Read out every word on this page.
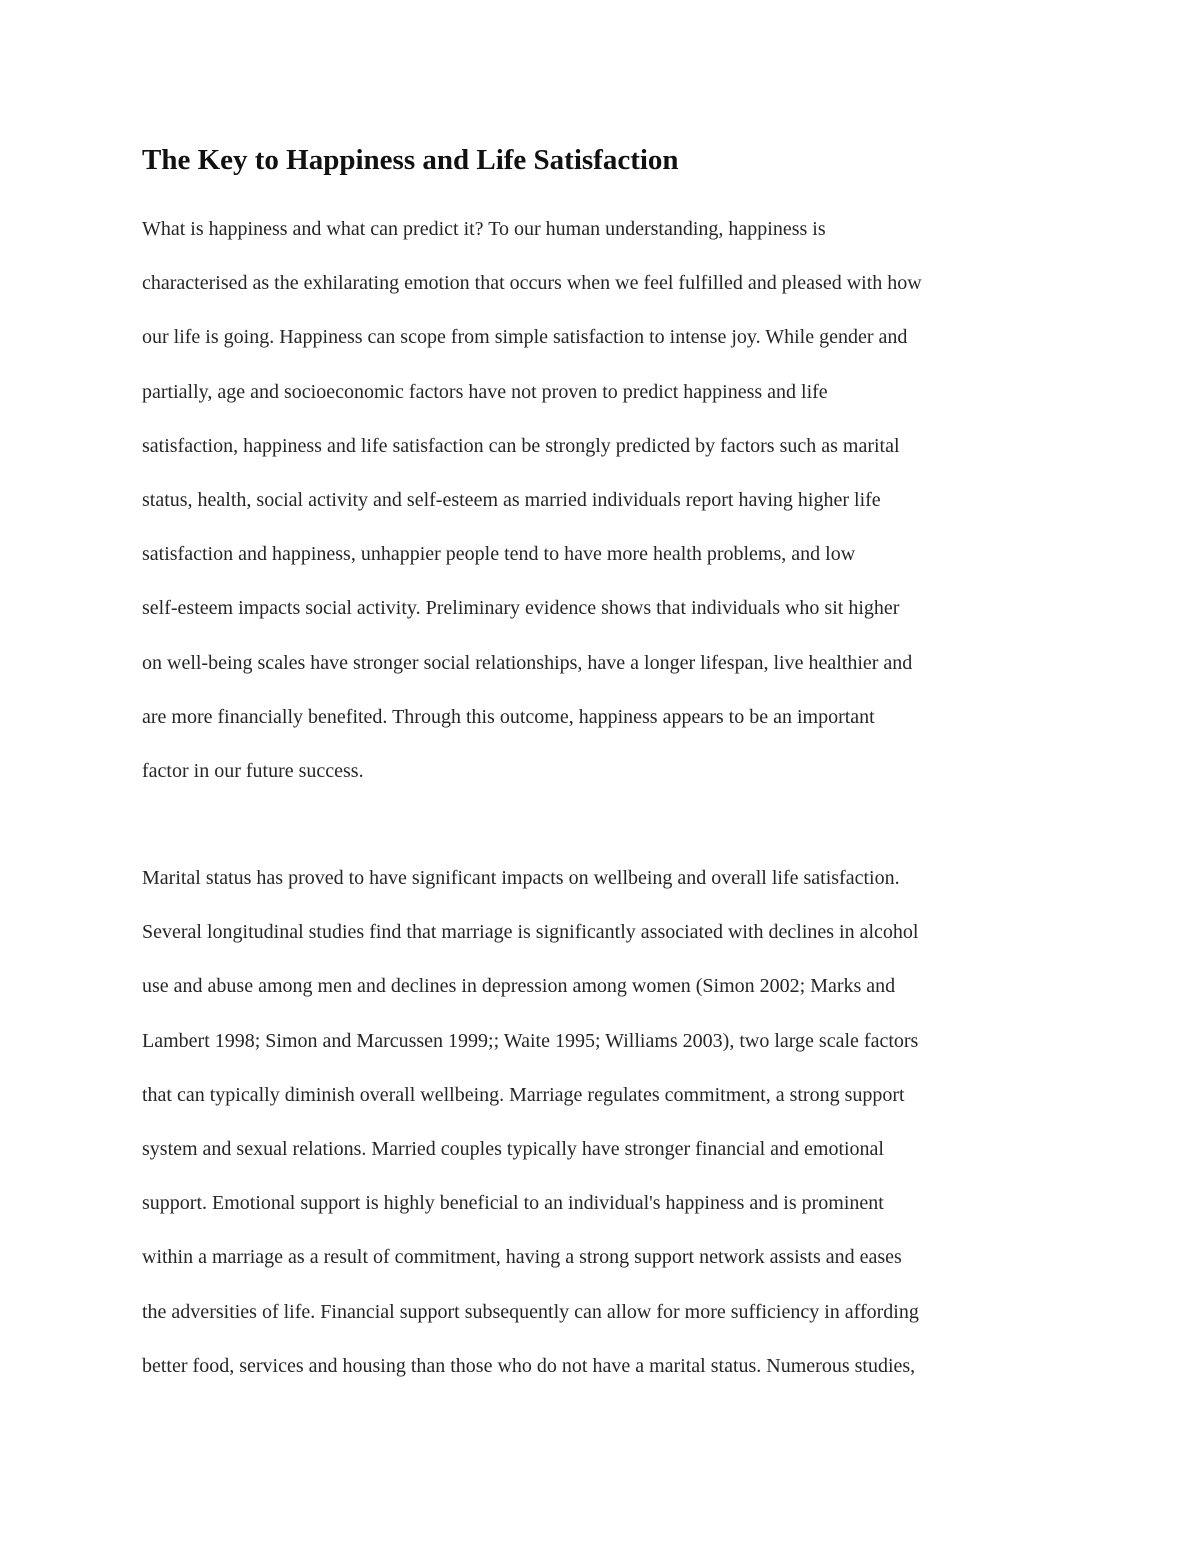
The Key to Happiness and Life Satisfaction
What is happiness and what can predict it? To our human understanding, happiness is
characterised as the exhilarating emotion that occurs when we feel fulfilled and pleased with how
our life is going. Happiness can scope from simple satisfaction to intense joy. While gender and
partially, age and socioeconomic factors have not proven to predict happiness and life
satisfaction, happiness and life satisfaction can be strongly predicted by factors such as marital
status, health, social activity and self-esteem as married individuals report having higher life
satisfaction and happiness, unhappier people tend to have more health problems, and low
self-esteem impacts social activity. Preliminary evidence shows that individuals who sit higher
on well-being scales have stronger social relationships, have a longer lifespan, live healthier and
are more financially benefited. Through this outcome, happiness appears to be an important
factor in our future success.
Marital status has proved to have significant impacts on wellbeing and overall life satisfaction.
Several longitudinal studies find that marriage is significantly associated with declines in alcohol
use and abuse among men and declines in depression among women (Simon 2002; Marks and
Lambert 1998; Simon and Marcussen 1999;; Waite 1995; Williams 2003), two large scale factors
that can typically diminish overall wellbeing. Marriage regulates commitment, a strong support
system and sexual relations. Married couples typically have stronger financial and emotional
support. Emotional support is highly beneficial to an individual's happiness and is prominent
within a marriage as a result of commitment, having a strong support network assists and eases
the adversities of life. Financial support subsequently can allow for more sufficiency in affording
better food, services and housing than those who do not have a marital status. Numerous studies,
